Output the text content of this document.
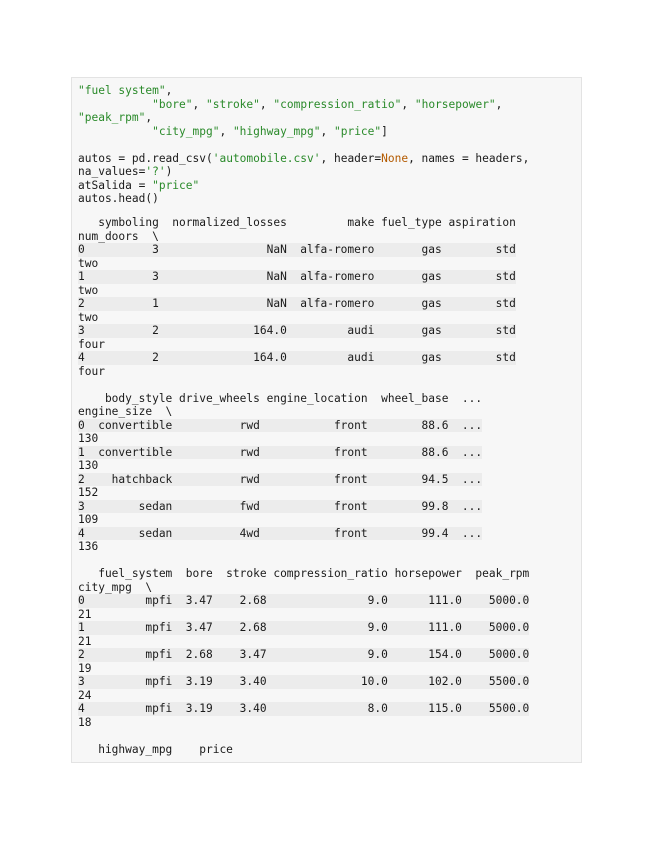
"fuel system",
"bore", "stroke", "compression_ratio", "horsepower",
"peak_rpm",
"city_mpg", "highway_mpg", "price"]
autos = pd.read_csv('automobile.csv', header=None, names = headers,
na_values='?')
atSalida = "price"
autos.head()
symboling  normalized_losses         make fuel_type aspiration
num_doors  \
0          3                NaN  alfa-romero       gas        std
two
1          3                NaN  alfa-romero       gas        std
two
2          1                NaN  alfa-romero       gas        std
two
3          2              164.0         audi       gas        std
four
4          2              164.0         audi       gas        std
four
body_style drive_wheels engine_location  wheel_base  ...
engine_size  \
0  convertible          rwd           front        88.6  ...
130
1  convertible          rwd           front        88.6  ...
130
2    hatchback          rwd           front        94.5  ...
152
3        sedan          fwd           front        99.8  ...
109
4        sedan          4wd           front        99.4  ...
136
fuel_system  bore  stroke compression_ratio horsepower  peak_rpm
city_mpg  \
0         mpfi  3.47    2.68               9.0      111.0    5000.0
21
1         mpfi  3.47    2.68               9.0      111.0    5000.0
21
2         mpfi  2.68    3.47               9.0      154.0    5000.0
19
3         mpfi  3.19    3.40              10.0      102.0    5500.0
24
4         mpfi  3.19    3.40               8.0      115.0    5500.0
18
highway_mpg    price
